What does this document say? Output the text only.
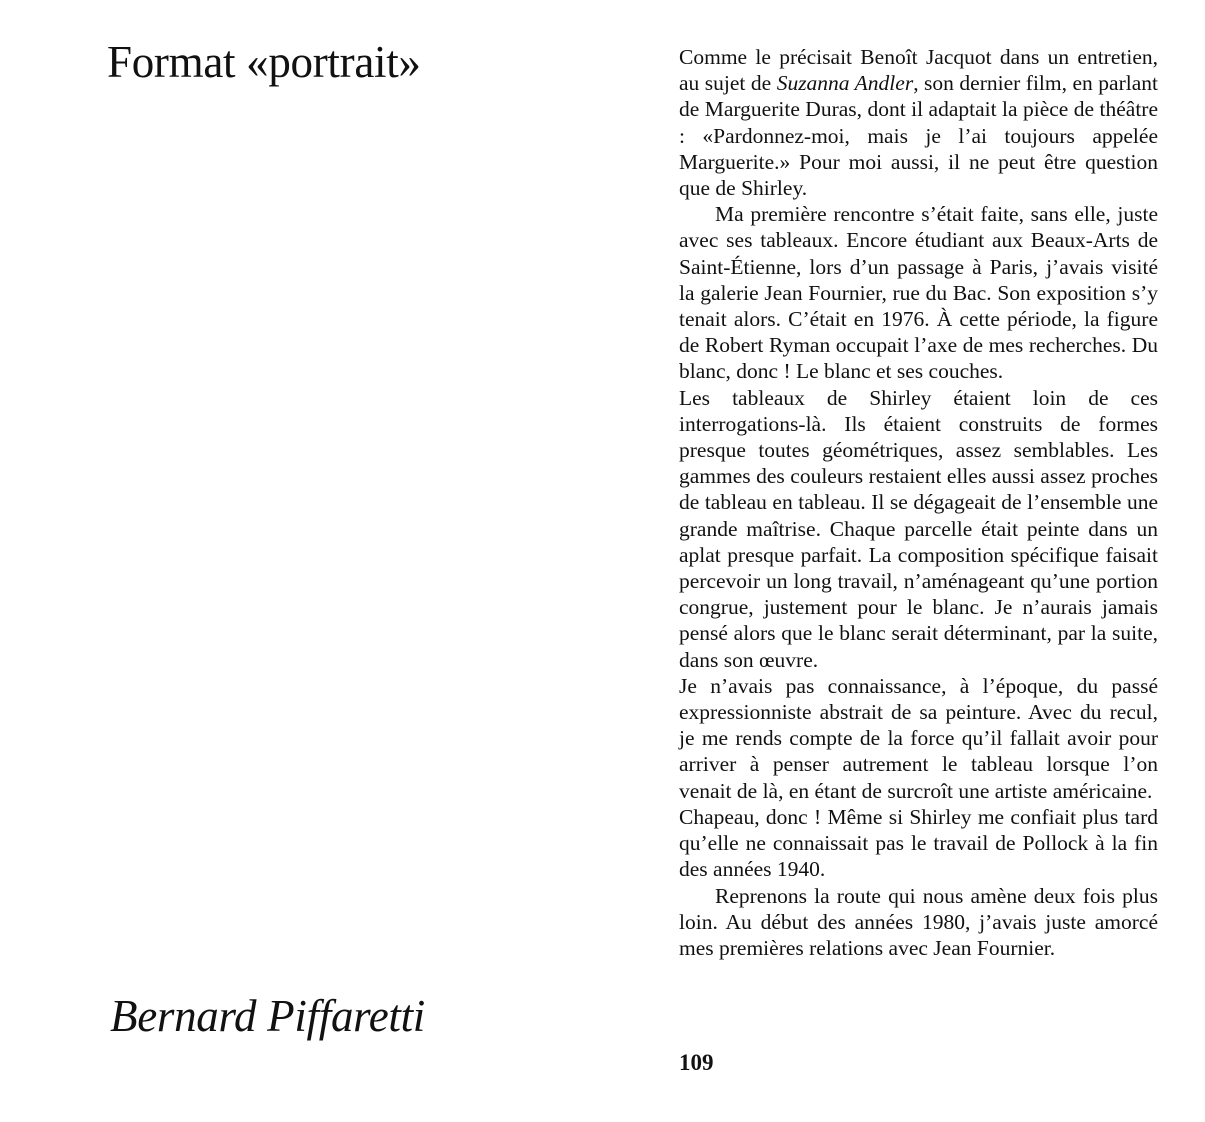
Format «portrait»
Bernard Piffaretti

Comme le précisait Benoît Jacquot dans un entretien, au sujet de Suzanna Andler, son dernier film, en parlant de Marguerite Duras, dont il adaptait la pièce de théâtre : «Pardonnez-moi, mais je l’ai toujours appelée Marguerite.» Pour moi aussi, il ne peut être question que de Shirley.

Ma première rencontre s’était faite, sans elle, juste avec ses tableaux. Encore étudiant aux Beaux-Arts de Saint-Étienne, lors d’un passage à Paris, j’avais visité la galerie Jean Fournier, rue du Bac. Son exposition s’y tenait alors. C’était en 1976. À cette période, la figure de Robert Ryman occupait l’axe de mes recherches. Du blanc, donc ! Le blanc et ses couches.

Les tableaux de Shirley étaient loin de ces interrogations-là. Ils étaient construits de formes presque toutes géométriques, assez semblables. Les gammes des couleurs restaient elles aussi assez proches de tableau en tableau. Il se dégageait de l’ensemble une grande maîtrise. Chaque parcelle était peinte dans un aplat presque parfait. La composition spécifique faisait percevoir un long travail, n’aménageant qu’une portion congrue, justement pour le blanc. Je n’aurais jamais pensé alors que le blanc serait déterminant, par la suite, dans son œuvre.

Je n’avais pas connaissance, à l’époque, du passé expressionniste abstrait de sa peinture. Avec du recul, je me rends compte de la force qu’il fallait avoir pour arriver à penser autrement le tableau lorsque l’on venait de là, en étant de surcroît une artiste américaine.

Chapeau, donc ! Même si Shirley me confiait plus tard qu’elle ne connaissait pas le travail de Pollock à la fin des années 1940.

Reprenons la route qui nous amène deux fois plus loin. Au début des années 1980, j’avais juste amorcé mes premières relations avec Jean Fournier.

109
